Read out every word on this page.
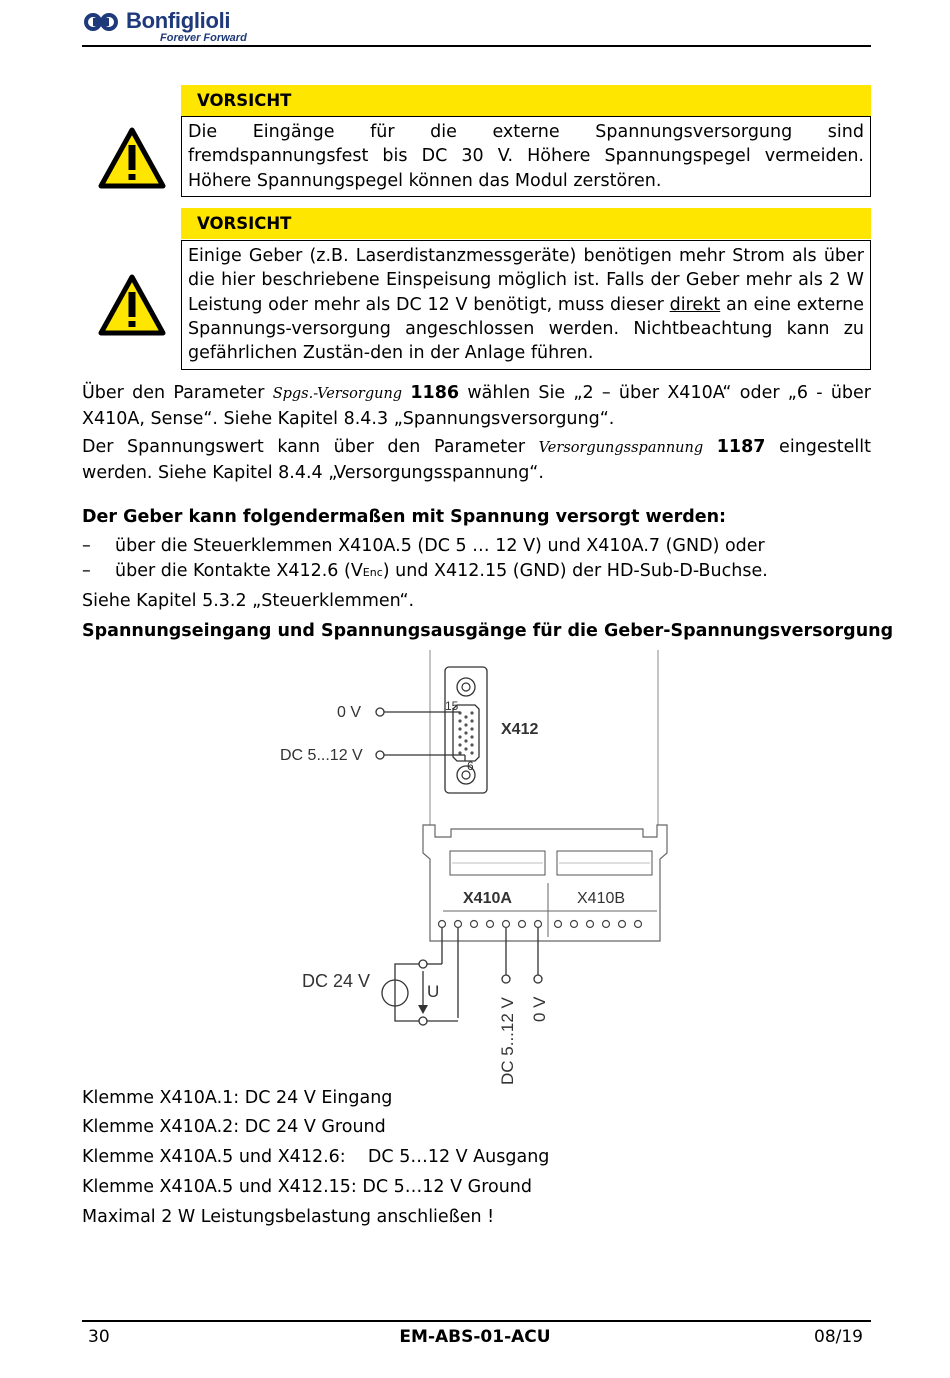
Bonfiglioli
Forever Forward
VORSICHT
Die Eingänge für die externe Spannungsversorgung sind fremdspannungsfest bis DC 30 V. Höhere Spannungspegel vermeiden. Höhere Spannungspegel können das Modul zerstören.
VORSICHT
Einige Geber (z.B. Laserdistanzmessgeräte) benötigen mehr Strom als über die hier beschriebene Einspeisung möglich ist. Falls der Geber mehr als 2 W Leistung oder mehr als DC 12 V benötigt, muss dieser direkt an eine externe Spannungs-versorgung angeschlossen werden. Nichtbeachtung kann zu gefährlichen Zustän-den in der Anlage führen.
Über den Parameter Spgs.-Versorgung 1186 wählen Sie „2 – über X410A“ oder „6 - über X410A, Sense“. Siehe Kapitel 8.4.3 „Spannungsversorgung“.
Der Spannungswert kann über den Parameter Versorgungsspannung 1187 eingestellt werden. Siehe Kapitel 8.4.4 „Versorgungsspannung“.
Der Geber kann folgendermaßen mit Spannung versorgt werden:
– über die Steuerklemmen X410A.5 (DC 5 … 12 V) und X410A.7 (GND) oder
– über die Kontakte X412.6 (VEnc) und X412.15 (GND) der HD-Sub-D-Buchse.
Siehe Kapitel 5.3.2 „Steuerklemmen“.
Spannungseingang und Spannungsausgänge für die Geber-Spannungsversorgung
15
6
X412
0 V
DC 5...12 V
X410A	X410B
DC 24 V
U
DC 5...12 V 0 V
Klemme X410A.1: DC 24 V Eingang
Klemme X410A.2: DC 24 V Ground
Klemme X410A.5 und X412.6:    DC 5…12 V Ausgang
Klemme X410A.5 und X412.15: DC 5…12 V Ground
Maximal 2 W Leistungsbelastung anschließen !
30	EM-ABS-01-ACU	08/19
